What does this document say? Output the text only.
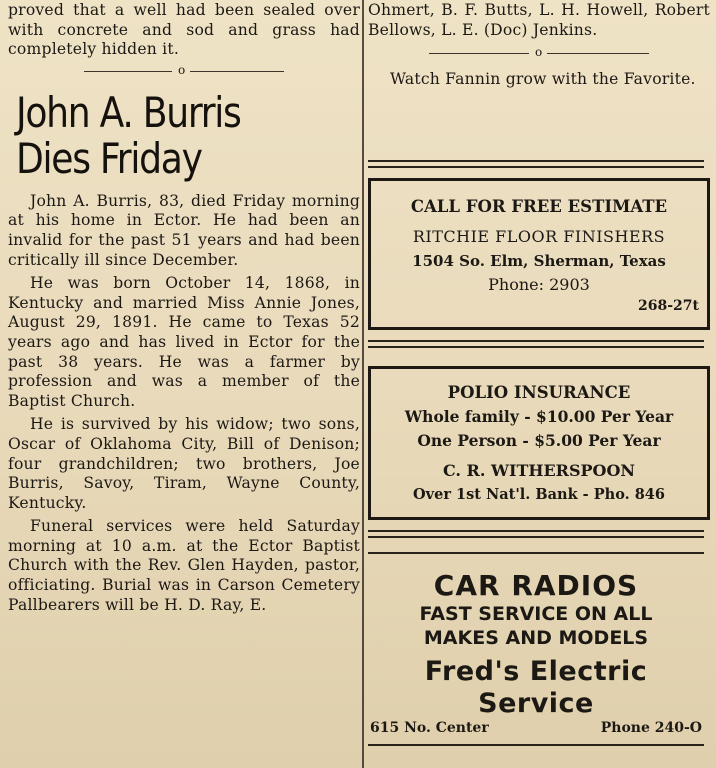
proved that a well had been sealed over with concrete and sod and grass had completely hidden it.

o
John A. Burris
Dies Friday

John A. Burris, 83, died Friday morning at his home in Ector. He had been an invalid for the past 51 years and had been critically ill since December.

He was born October 14, 1868, in Kentucky and married Miss Annie Jones, August 29, 1891. He came to Texas 52 years ago and has lived in Ector for the past 38 years. He was a farmer by profession and was a member of the Baptist Church.

He is survived by his widow; two sons, Oscar of Oklahoma City, Bill of Denison; four grandchildren; two brothers, Joe Burris, Savoy, Tiram, Wayne County, Kentucky.

Funeral services were held Saturday morning at 10 a.m. at the Ector Baptist Church with the Rev. Glen Hayden, pastor, officiating. Burial was in Carson Cemetery Pallbearers will be H. D. Ray, E.

Ohmert, B. F. Butts, L. H. Howell, Robert Bellows, L. E. (Doc) Jenkins.

o

Watch Fannin grow with the Favorite.

CALL FOR FREE ESTIMATE
RITCHIE FLOOR FINISHERS
1504 So. Elm, Sherman, Texas
Phone: 2903
268-27t
POLIO INSURANCE
Whole family - $10.00 Per Year
One Person - $5.00 Per Year
C. R. WITHERSPOON
Over 1st Nat'l. Bank - Pho. 846
CAR RADIOS
FAST SERVICE ON ALL
MAKES AND MODELS
Fred's Electric Service
615 No. Center	Phone 240-O
